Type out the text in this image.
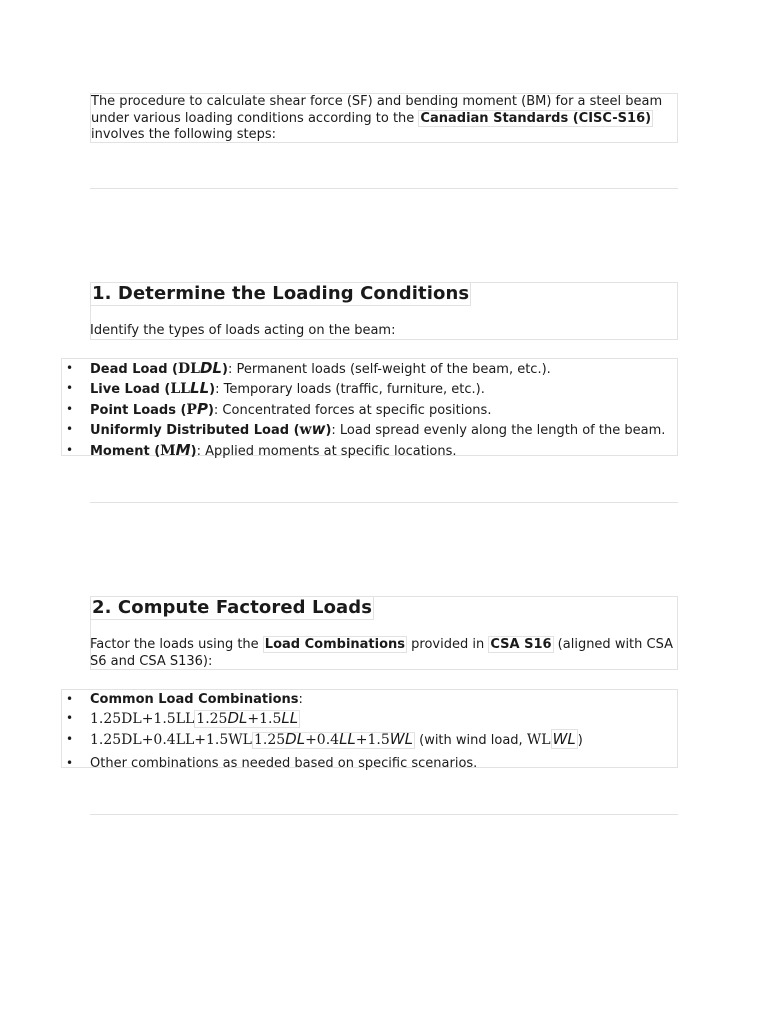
The procedure to calculate shear force (SF) and bending moment (BM) for a steel beam under various loading conditions according to the Canadian Standards (CISC-S16) involves the following steps:
1. Determine the Loading Conditions

Identify the types of loads acting on the beam:

• Dead Load (DLDL): Permanent loads (self-weight of the beam, etc.).
• Live Load (LLLL): Temporary loads (traffic, furniture, etc.).
• Point Loads (PP): Concentrated forces at specific positions.
• Uniformly Distributed Load (ww): Load spread evenly along the length of the beam.
• Moment (MM): Applied moments at specific locations.
2. Compute Factored Loads

Factor the loads using the Load Combinations provided in CSA S16 (aligned with CSA S6 and CSA S136):

• Common Load Combinations:
• 1.25DL+1.5LL 1.25DL+1.5LL
• 1.25DL+0.4LL+1.5WL 1.25DL+0.4LL+1.5WL (with wind load, WL WL )
• Other combinations as needed based on specific scenarios.
